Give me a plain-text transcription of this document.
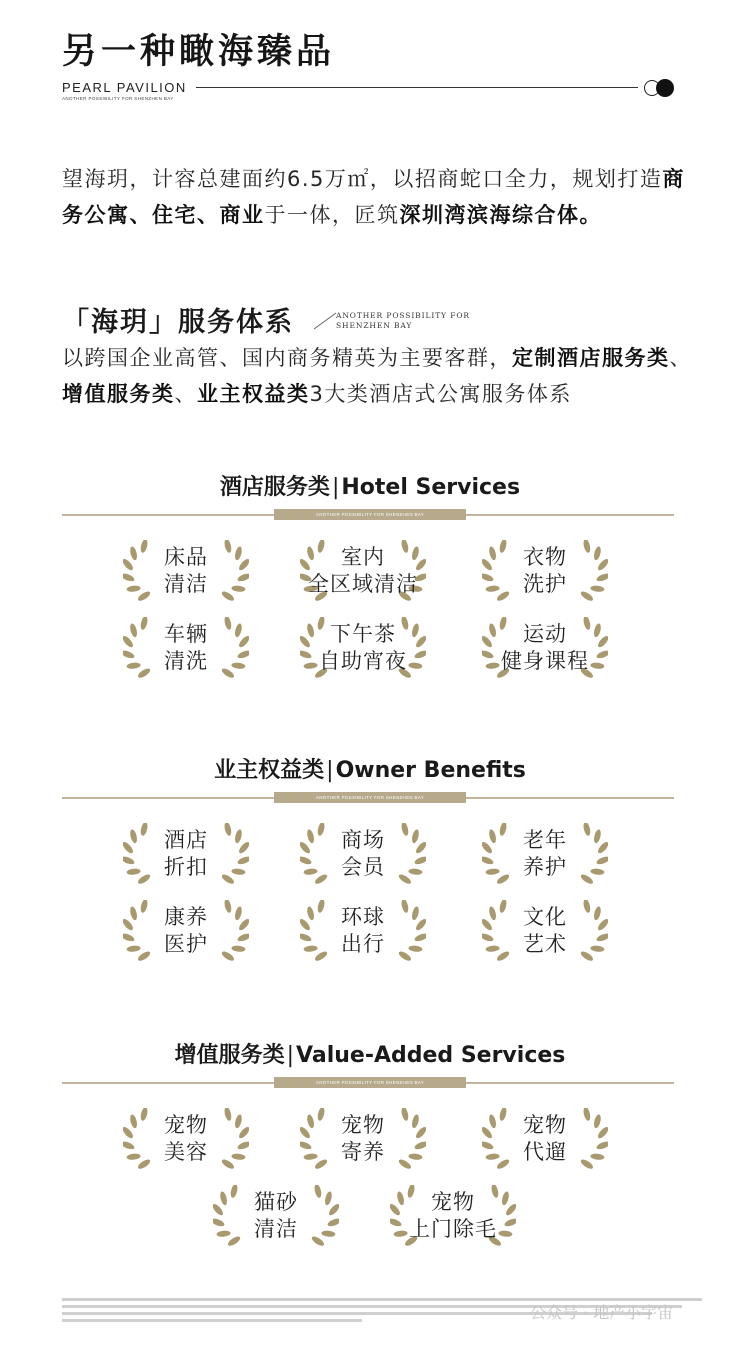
另一种瞰海臻品

PEARL PAVILION

ANOTHER POSSIBILITY FOR SHENZHEN BAY

望海玥，计容总建面约6.5万㎡，以招商蛇口全力，规划打造商务公寓、住宅、商业于一体，匠筑深圳湾滨海综合体。

「海玥」服务体系	ANOTHER POSSIBILITY FOR
SHENZHEN BAY

以跨国企业高管、国内商务精英为主要客群，定制酒店服务类、增值服务类、业主权益类3大类酒店式公寓服务体系

酒店服务类|Hotel Services
ANOTHER POSSIBILITY FOR SHENZHEN BAY
床品
清洁
室内
全区域清洁
衣物
洗护
车辆
清洗
下午茶
自助宵夜
运动
健身课程
业主权益类|Owner Benefits
ANOTHER POSSIBILITY FOR SHENZHEN BAY
酒店
折扣
商场
会员
老年
养护
康养
医护
环球
出行
文化
艺术
增值服务类|Value-Added Services
ANOTHER POSSIBILITY FOR SHENZHEN BAY
宠物
美容
宠物
寄养
宠物
代遛
猫砂
清洁
宠物
上门除毛

公众号 · 地产小宇宙

搜狐号@搜狐焦点南平站
